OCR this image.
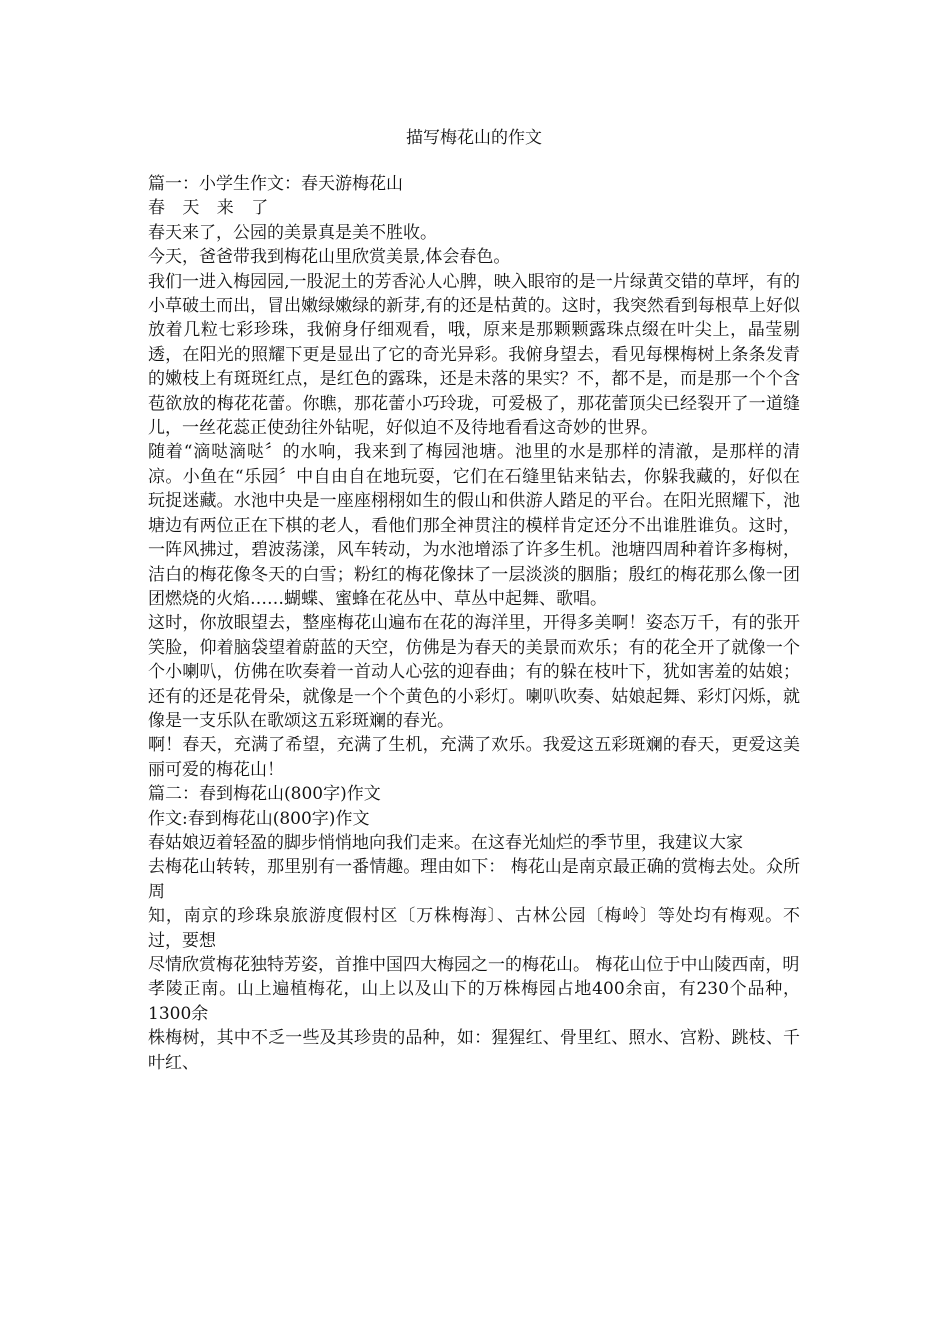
描写梅花山的作文

篇一：小学生作文：春天游梅花山

春 天 来 了

春天来了，公园的美景真是美不胜收。

今天，爸爸带我到梅花山里欣赏美景,体会春色。

我们一进入梅园园,一股泥土的芳香沁人心脾，映入眼帘的是一片绿黄交错的草坪，有的小草破土而出，冒出嫩绿嫩绿的新芽,有的还是枯黄的。这时，我突然看到每根草上好似放着几粒七彩珍珠，我俯身仔细观看，哦，原来是那颗颗露珠点缀在叶尖上，晶莹剔透，在阳光的照耀下更是显出了它的奇光异彩。我俯身望去，看见每棵梅树上条条发青的嫩枝上有斑斑红点，是红色的露珠，还是未落的果实？不，都不是，而是那一个个含苞欲放的梅花花蕾。你瞧，那花蕾小巧玲珑，可爱极了，那花蕾顶尖已经裂开了一道缝儿，一丝花蕊正使劲往外钻呢，好似迫不及待地看看这奇妙的世界。

随着“滴哒滴哒〞的水响，我来到了梅园池塘。池里的水是那样的清澈，是那样的清凉。小鱼在“乐园〞中自由自在地玩耍，它们在石缝里钻来钻去，你躲我藏的，好似在玩捉迷藏。水池中央是一座座栩栩如生的假山和供游人踏足的平台。在阳光照耀下，池塘边有两位正在下棋的老人，看他们那全神贯注的模样肯定还分不出谁胜谁负。这时，一阵风拂过，碧波荡漾，风车转动，为水池增添了许多生机。池塘四周种着许多梅树，洁白的梅花像冬天的白雪；粉红的梅花像抹了一层淡淡的胭脂；殷红的梅花那么像一团团燃烧的火焰……蝴蝶、蜜蜂在花丛中、草丛中起舞、歌唱。

这时，你放眼望去，整座梅花山遍布在花的海洋里，开得多美啊！姿态万千，有的张开笑脸，仰着脑袋望着蔚蓝的天空，仿佛是为春天的美景而欢乐；有的花全开了就像一个个小喇叭，仿佛在吹奏着一首动人心弦的迎春曲；有的躲在枝叶下，犹如害羞的姑娘；还有的还是花骨朵，就像是一个个黄色的小彩灯。喇叭吹奏、姑娘起舞、彩灯闪烁，就像是一支乐队在歌颂这五彩斑斓的春光。

啊！春天，充满了希望，充满了生机，充满了欢乐。我爱这五彩斑斓的春天，更爱这美丽可爱的梅花山！

篇二：春到梅花山(800字)作文

作文:春到梅花山(800字)作文

春姑娘迈着轻盈的脚步悄悄地向我们走来。在这春光灿烂的季节里，我建议大家

去梅花山转转，那里别有一番情趣。理由如下： 梅花山是南京最正确的赏梅去处。众所周

知，南京的珍珠泉旅游度假村区〔万株梅海〕、古林公园〔梅岭〕等处均有梅观。不过，要想

尽情欣赏梅花独特芳姿，首推中国四大梅园之一的梅花山。 梅花山位于中山陵西南，明

孝陵正南。山上遍植梅花，山上以及山下的万株梅园占地400余亩，有230个品种，1300余

株梅树，其中不乏一些及其珍贵的品种，如：猩猩红、骨里红、照水、宫粉、跳枝、千叶红、
